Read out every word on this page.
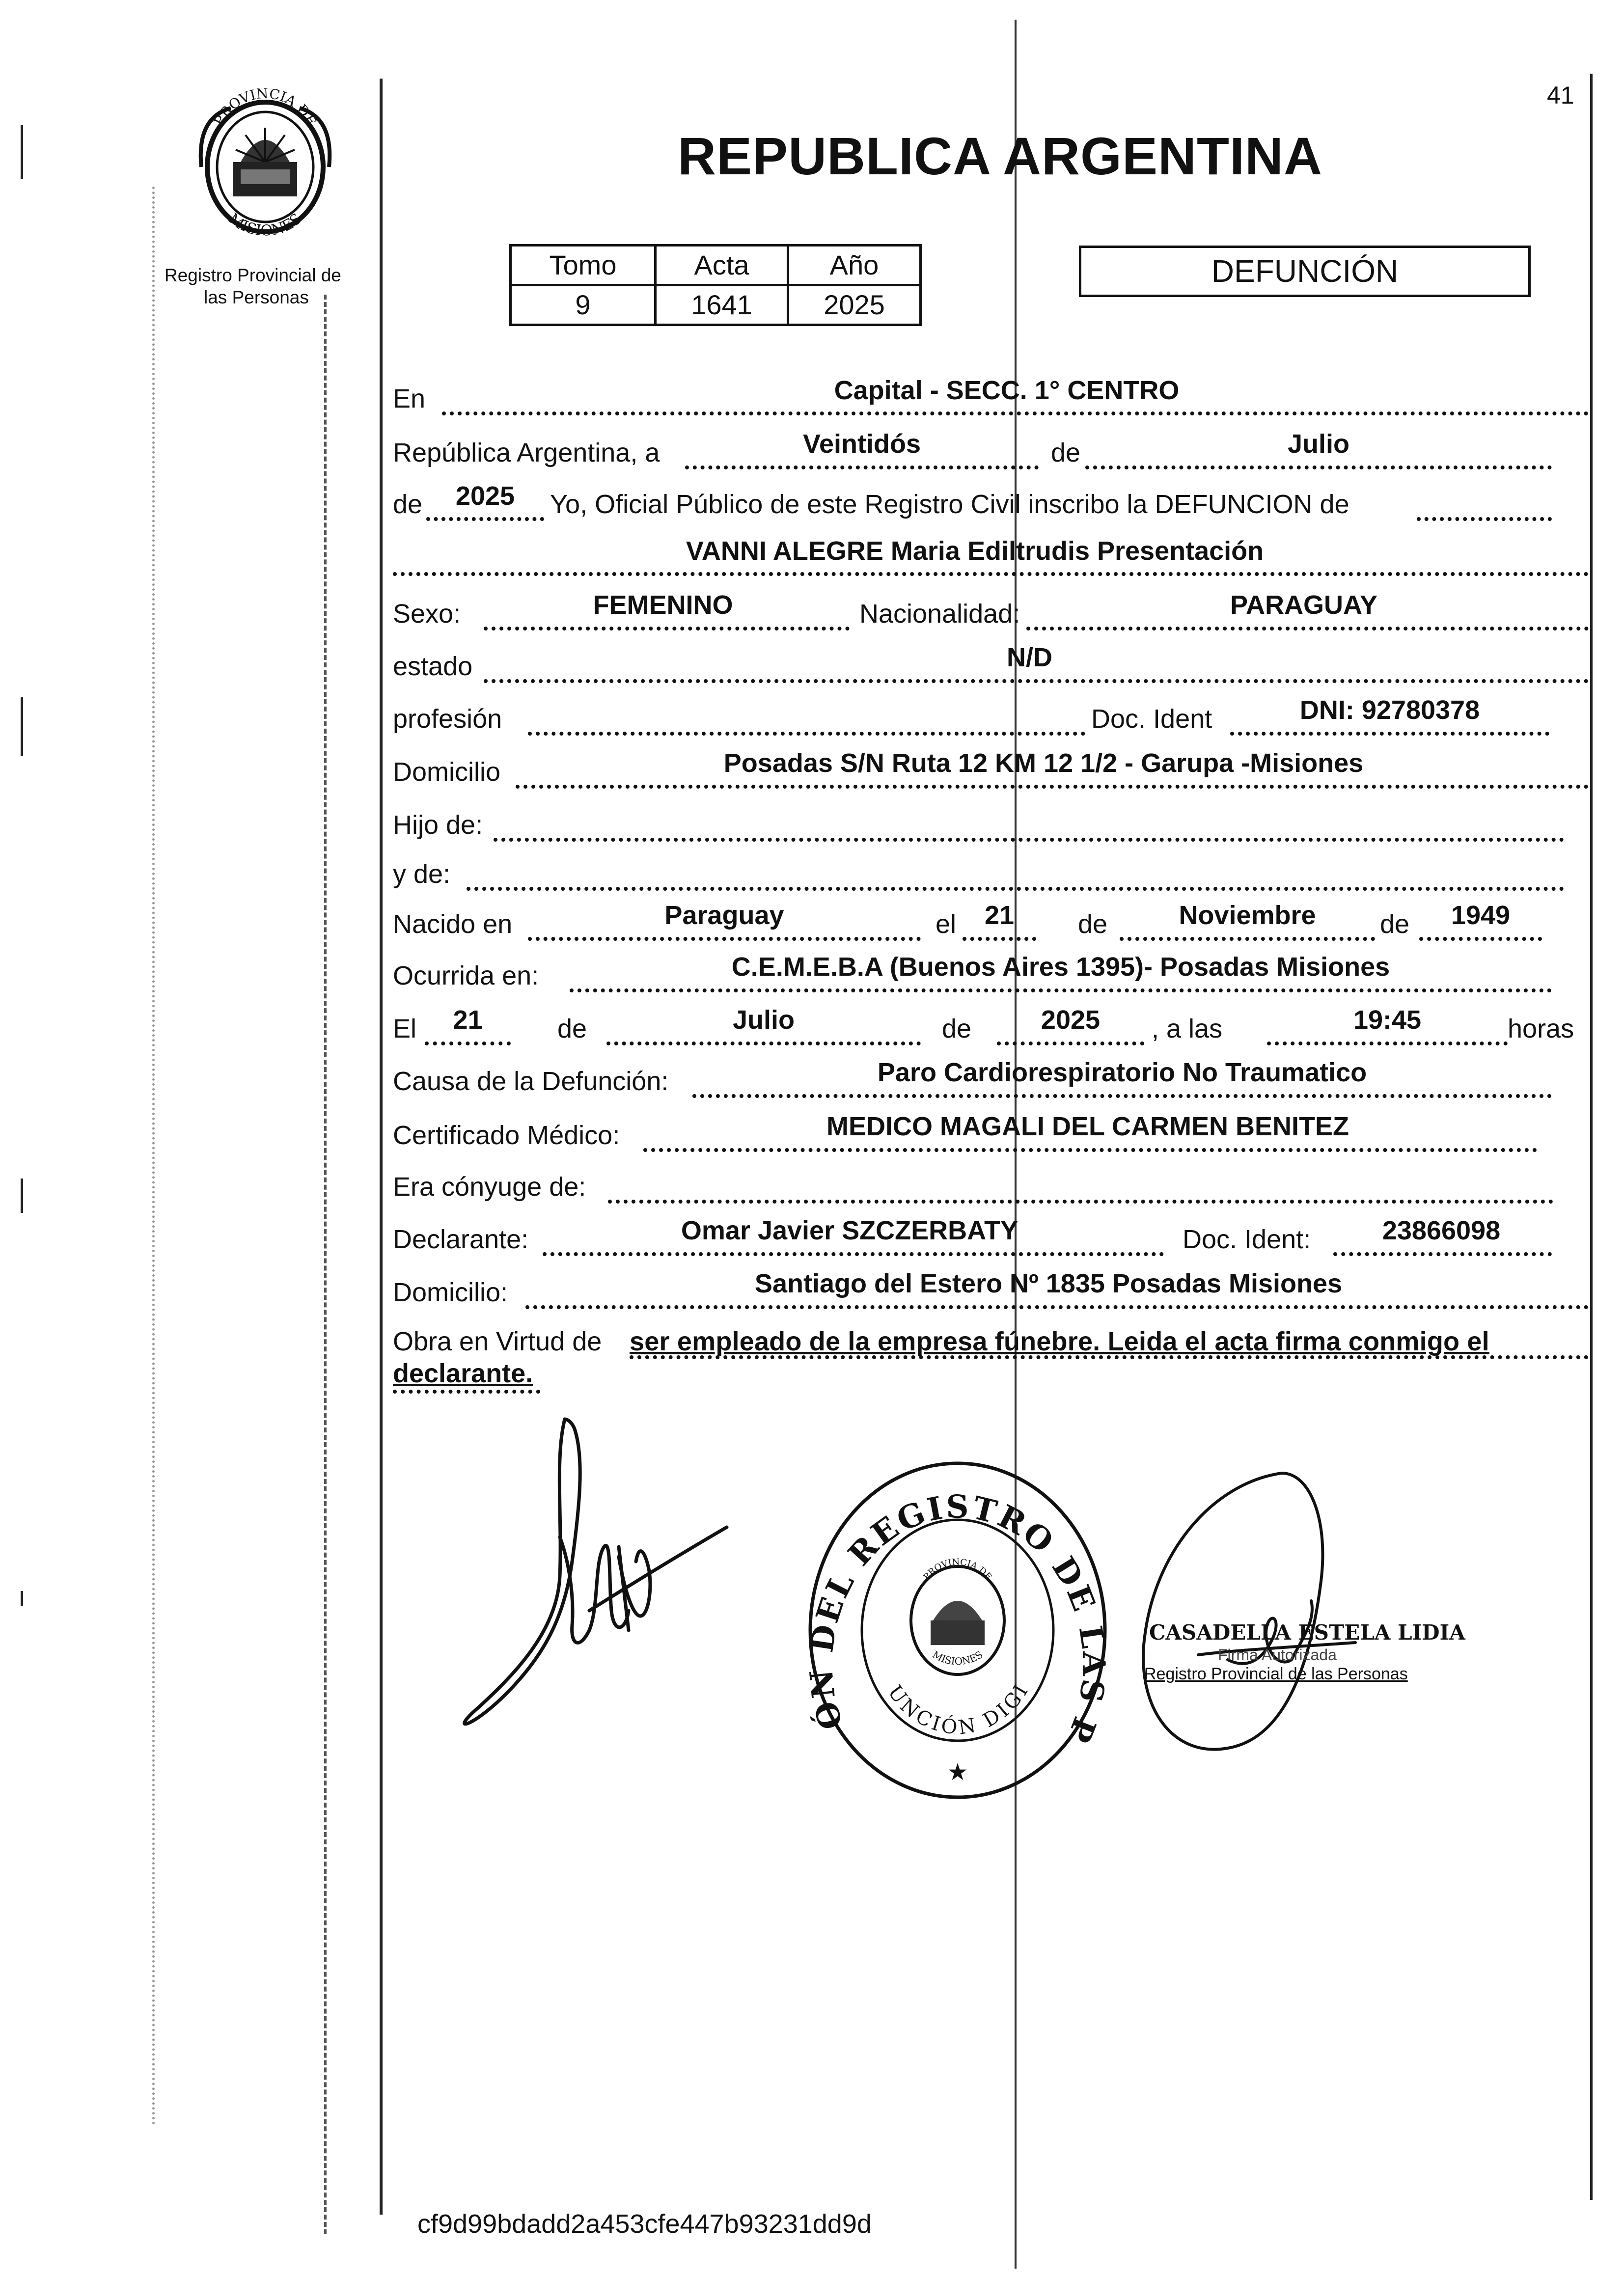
41
PROVINCIA DE
MISIONES
Registro Provincial de
las Personas
REPUBLICA ARGENTINA
Tomo	Acta	Año
9	1641	2025
DEFUNCIÓN
En	Capital - SECC. 1° CENTRO
República Argentina, a	Veintidós	de	Julio
de	2025	Yo, Oficial Público de este Registro Civil inscribo la DEFUNCION de
VANNI ALEGRE Maria Ediltrudis Presentación
Sexo:	FEMENINO	Nacionalidad:	PARAGUAY
estado	N/D
profesión	Doc. Ident	DNI: 92780378
Domicilio	Posadas S/N Ruta 12 KM 12 1/2 - Garupa -Misiones
Hijo de:
y de:
Nacido en	Paraguay	el	21	de	Noviembre	de	1949
Ocurrida en:	C.E.M.E.B.A (Buenos Aires 1395)- Posadas Misiones
El	21	de	Julio	de	2025	, a las	19:45	horas
Causa de la Defunción:	Paro Cardiorespiratorio No Traumatico
Certificado Médico:	MEDICO MAGALI DEL CARMEN BENITEZ
Era cónyuge de:
Declarante:	Omar Javier SZCZERBATY	Doc. Ident:	23866098
Domicilio:	Santiago del Estero Nº 1835 Posadas Misiones
Obra en Virtud de ser empleado de la empresa fúnebre. Leida el acta firma conmigo el
declarante.
ÓN DEL REGISTRO DE LAS P
UNCIÓN DIGI
PROVINCIA DE
MISIONES
★
CASADELLA ESTELA LIDIA
Firma Autorizada
Registro Provincial de las Personas
cf9d99bdadd2a453cfe447b93231dd9d
